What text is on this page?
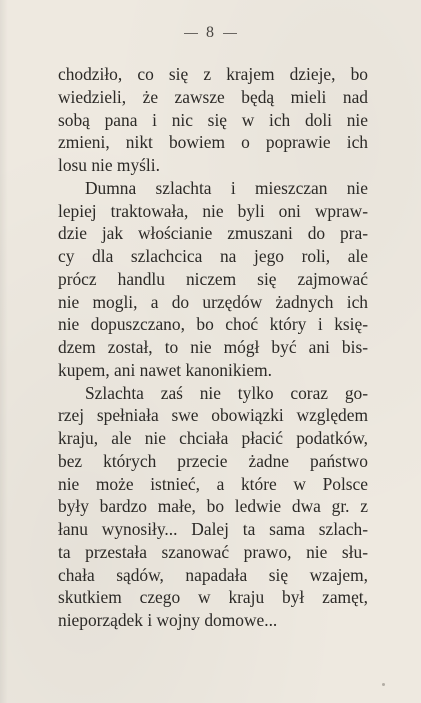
8
chodziło, co się z krajem dzieje, bo
wiedzieli, że zawsze będą mieli nad
sobą pana i nic się w ich doli nie
zmieni, nikt bowiem o poprawie ich
losu nie myśli.
Dumna szlachta i mieszczan nie
lepiej traktowała, nie byli oni wpraw-
dzie jak włościanie zmuszani do pra-
cy dla szlachcica na jego roli, ale
prócz handlu niczem się zajmować
nie mogli, a do urzędów żadnych ich
nie dopuszczano, bo choć który i księ-
dzem został, to nie mógł być ani bis-
kupem, ani nawet kanonikiem.
Szlachta zaś nie tylko coraz go-
rzej spełniała swe obowiązki względem
kraju, ale nie chciała płacić podatków,
bez których przecie żadne państwo
nie może istnieć, a które w Polsce
były bardzo małe, bo ledwie dwa gr. z
łanu wynosiły... Dalej ta sama szlach-
ta przestała szanować prawo, nie słu-
chała sądów, napadała się wzajem,
skutkiem czego w kraju był zamęt,
nieporządek i wojny domowe...
